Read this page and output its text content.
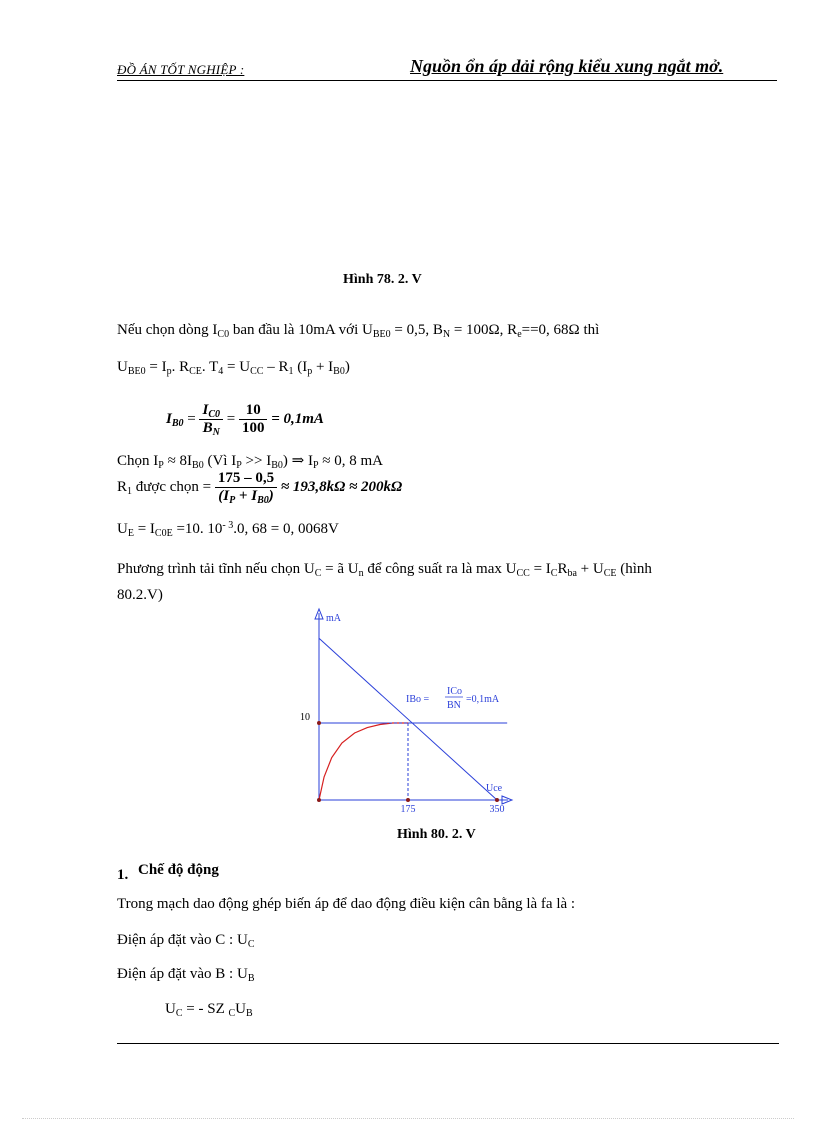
ĐỒ ÁN TỐT NGHIỆP :	Nguồn ổn áp dải rộng kiểu xung ngắt mở.
Hình 78. 2. V
Nếu chọn dòng $I_{C0}$ ban đầu là 10mA với $U_{BE0} = 0,5$, $B_N = 100\Omega$, $R_e==0$, 68Ω thì
$U_{BE0} = I_p$. $R_{CE}$. $T_4 = U_{CC} - R_1$ $(I_p + I_{B0})$
$I_{B0} = \frac{I_{C0}}{B_N} = \frac{10}{100} = 0,1mA$
Chọn $I_P \approx 8I_{B0}$ (Vì $I_P >> I_{B0}$) ⇒ $I_P \approx 0$, 8 mA
$R_1$ được chọn = $\frac{175 - 0,5}{(I_P + I_{B0})} \approx 193,8k\Omega \approx 200k\Omega$
$U_E = I_{C0E} =10$. $10^{- 3}.0$, 68 = 0, 0068V
Phương trình tải tĩnh nếu chọn $U_C$ = ã $U_n$ để công suất ra là $\max U_{CC} = I_CR_{ba} + U_{CE}$ (hình
80.2.V)
mA
Uce
10
175	350
IBo =
ICo
BN
=0,1mA
Hình 80. 2. V
1. Chế độ động
Trong mạch dao động ghép biến áp để dao động điều kiện cân bằng là fa là :
Điện áp đặt vào C : $U_C$
Điện áp đặt vào B : $U_B$
$U_C$ = - SZ $_CU_B$
